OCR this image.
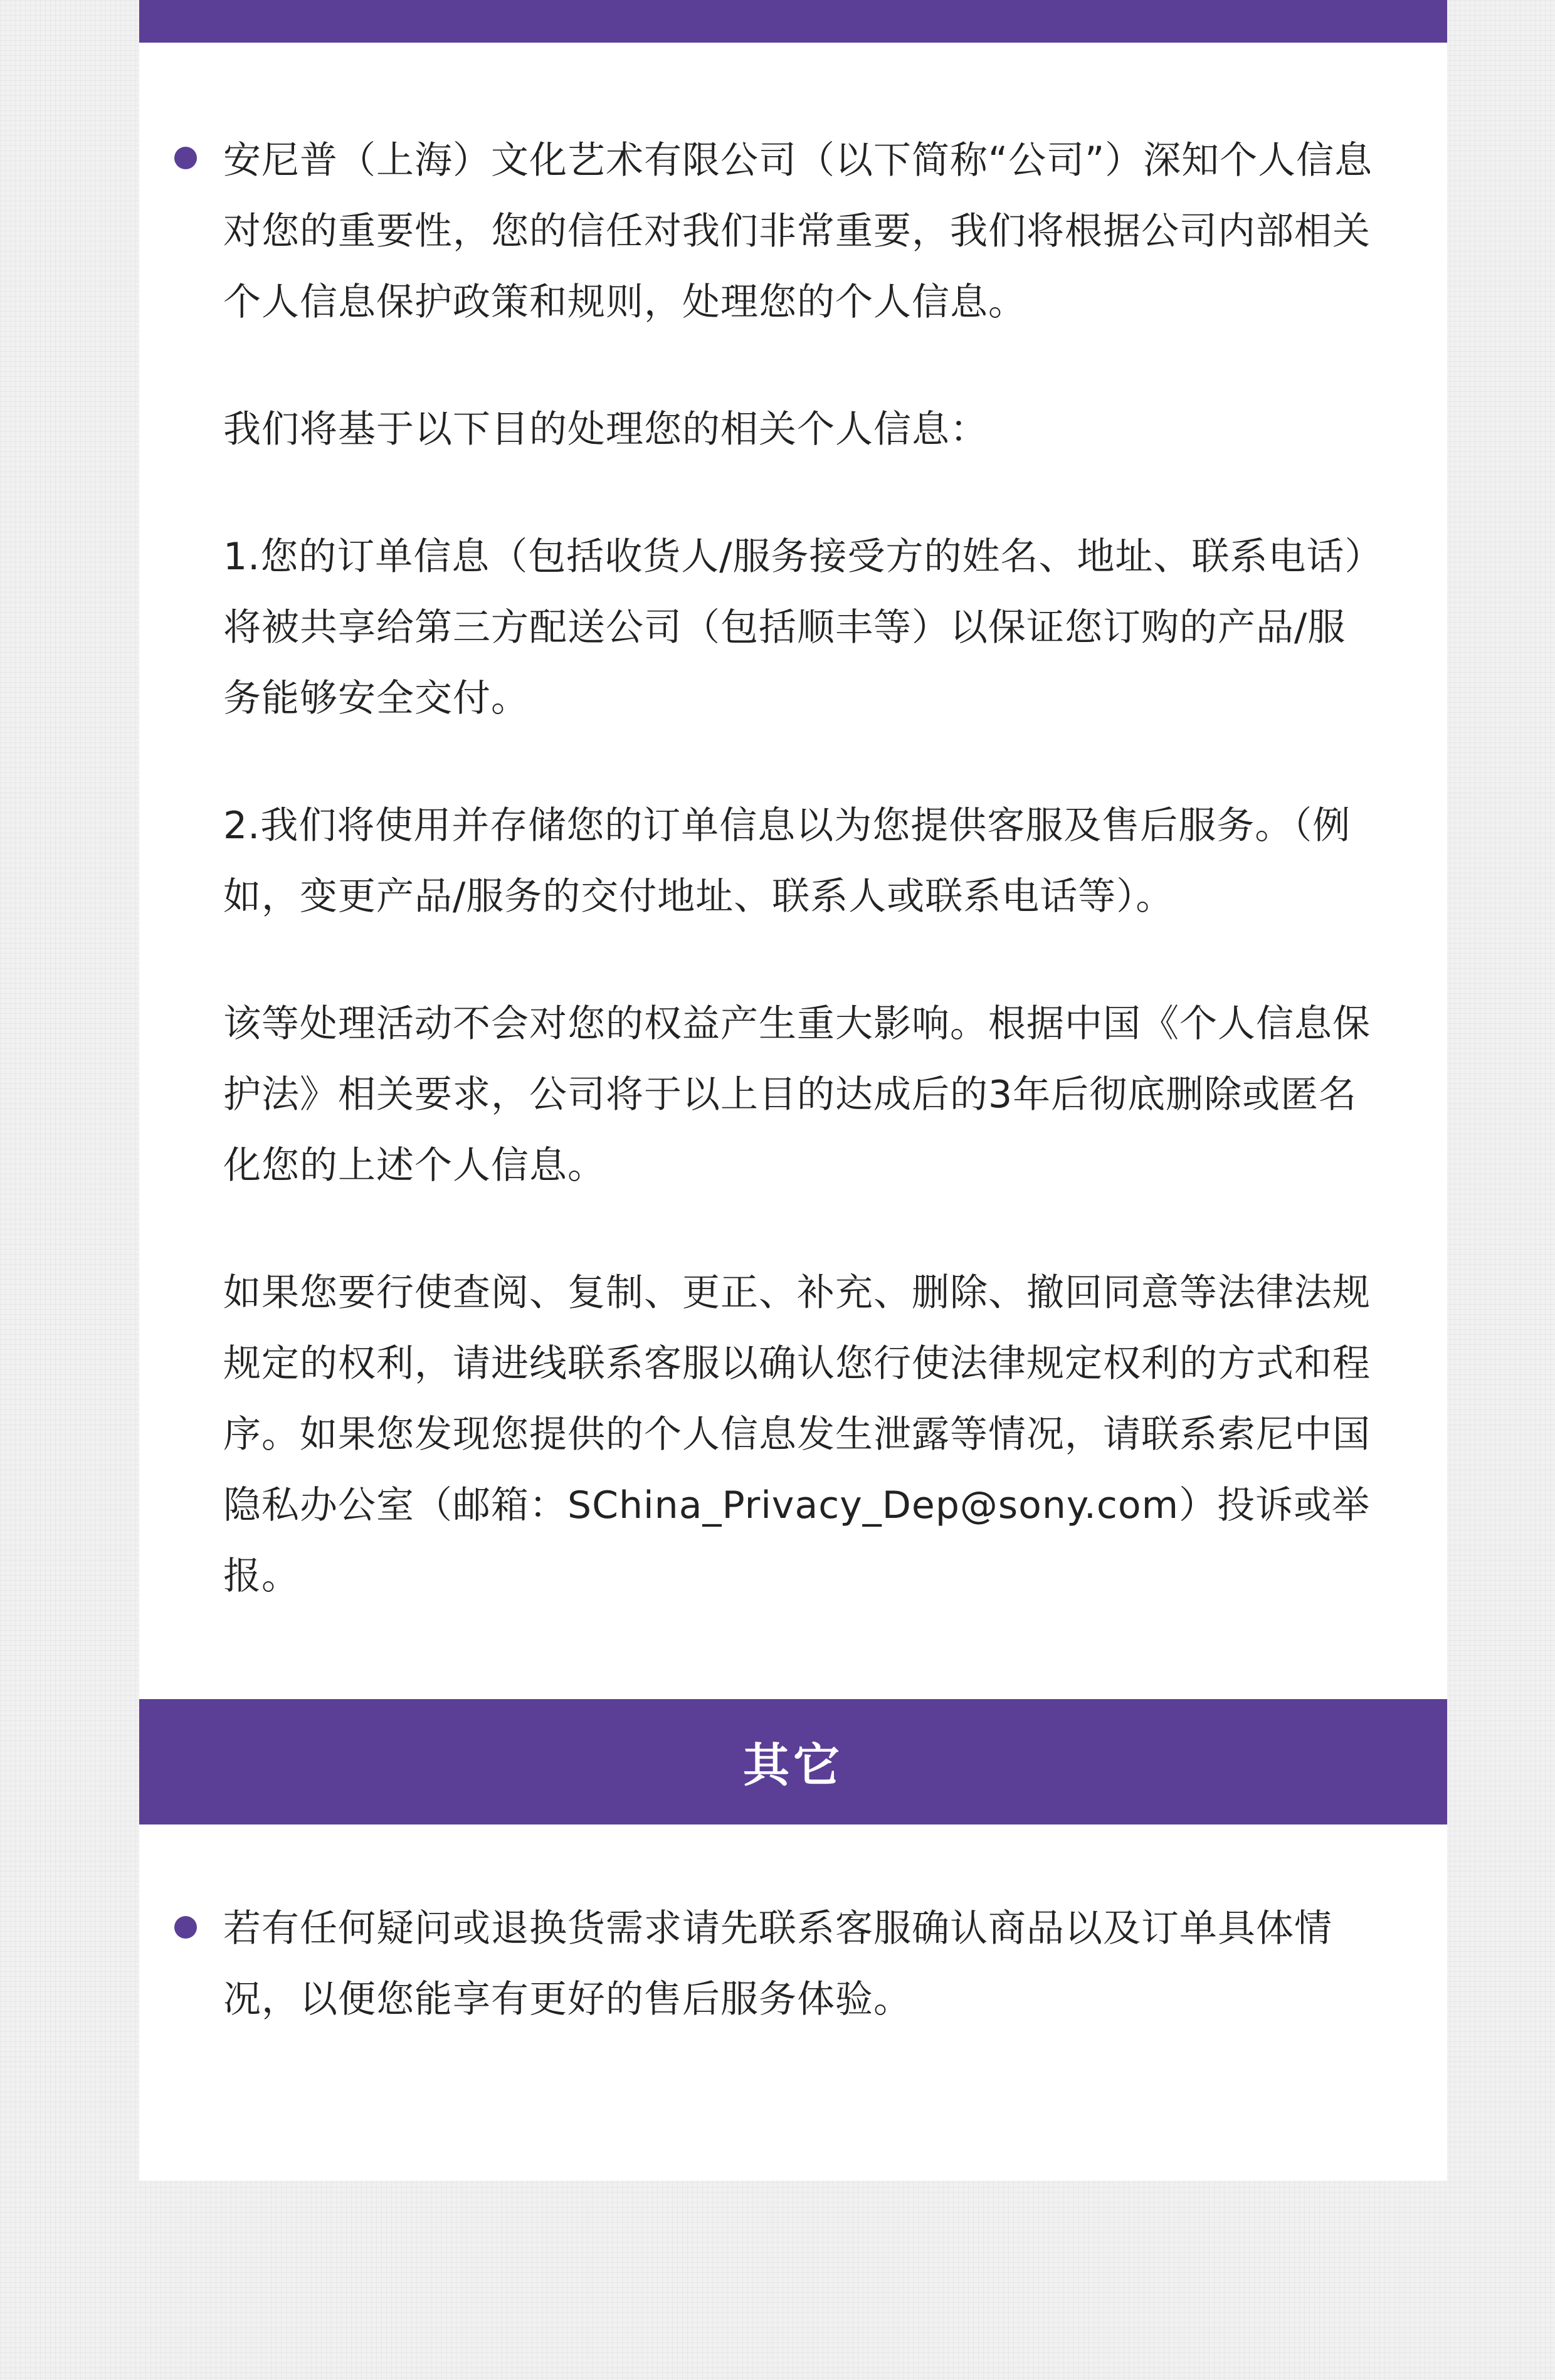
安尼普（上海）文化艺术有限公司（以下简称“公司”）深知个人信息对您的重要性，您的信任对我们非常重要，我们将根据公司内部相关个人信息保护政策和规则，处理您的个人信息。

我们将基于以下目的处理您的相关个人信息：

1.您的订单信息（包括收货人/服务接受方的姓名、地址、联系电话）将被共享给第三方配送公司（包括顺丰等）以保证您订购的产品/服务能够安全交付。

2.我们将使用并存储您的订单信息以为您提供客服及售后服务。（例如，变更产品/服务的交付地址、联系人或联系电话等）。

该等处理活动不会对您的权益产生重大影响。根据中国《个人信息保护法》相关要求，公司将于以上目的达成后的3年后彻底删除或匿名化您的上述个人信息。

如果您要行使查阅、复制、更正、补充、删除、撤回同意等法律法规规定的权利，请进线联系客服以确认您行使法律规定权利的方式和程序。如果您发现您提供的个人信息发生泄露等情况，请联系索尼中国隐私办公室（邮箱：SChina_Privacy_Dep@sony.com）投诉或举报。

其它

若有任何疑问或退换货需求请先联系客服确认商品以及订单具体情况，以便您能享有更好的售后服务体验。
